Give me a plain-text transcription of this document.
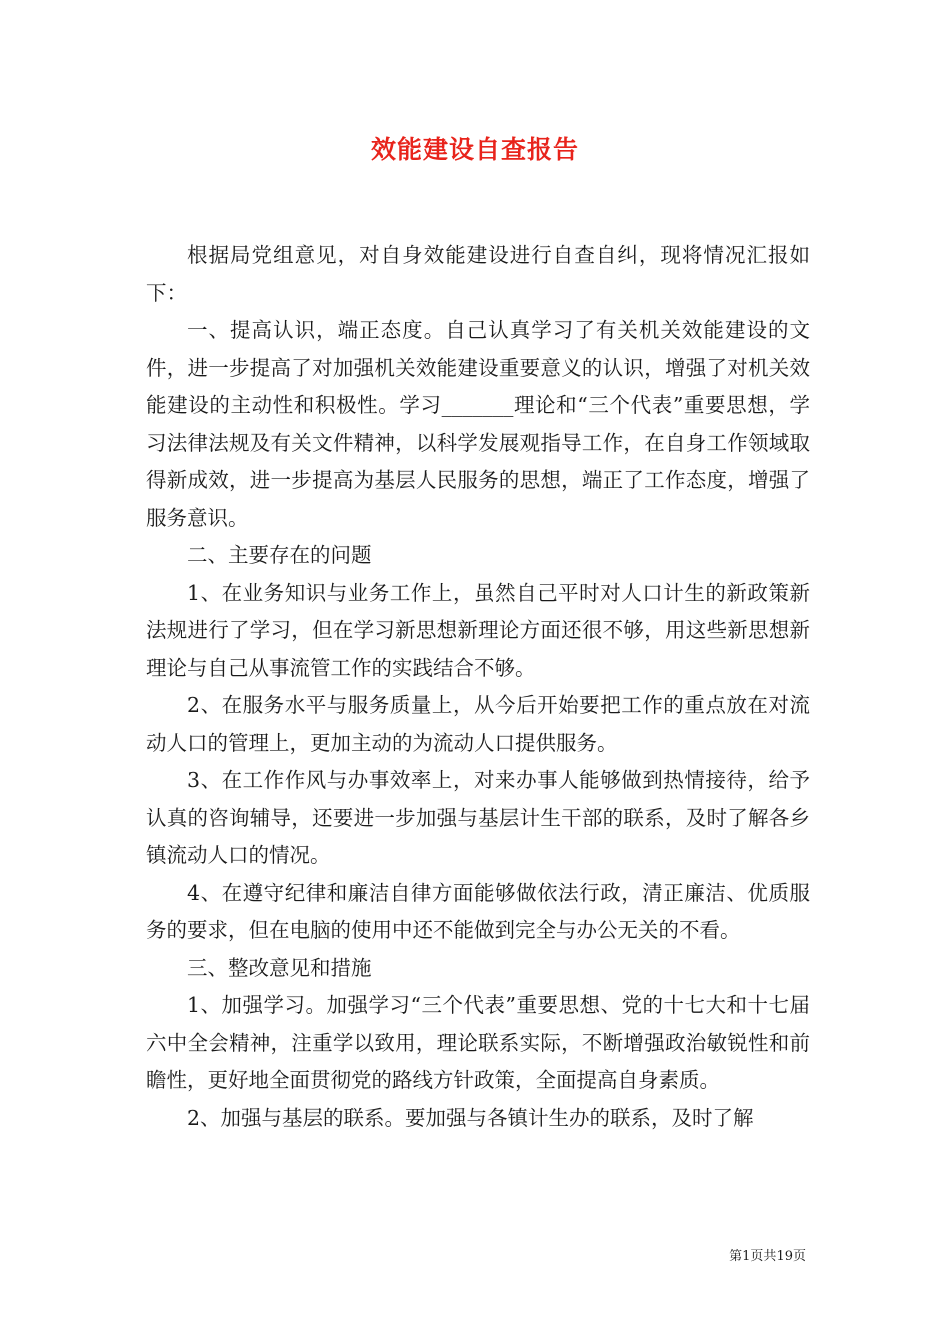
效能建设自查报告

根据局党组意见，对自身效能建设进行自查自纠，现将情况汇报如下：

一、提高认识，端正态度。自己认真学习了有关机关效能建设的文件，进一步提高了对加强机关效能建设重要意义的认识，增强了对机关效能建设的主动性和积极性。学习_______理论和“三个代表”重要思想，学习法律法规及有关文件精神，以科学发展观指导工作，在自身工作领域取得新成效，进一步提高为基层人民服务的思想，端正了工作态度，增强了服务意识。

二、主要存在的问题

1、在业务知识与业务工作上，虽然自己平时对人口计生的新政策新法规进行了学习，但在学习新思想新理论方面还很不够，用这些新思想新理论与自己从事流管工作的实践结合不够。

2、在服务水平与服务质量上，从今后开始要把工作的重点放在对流动人口的管理上，更加主动的为流动人口提供服务。

3、在工作作风与办事效率上，对来办事人能够做到热情接待，给予认真的咨询辅导，还要进一步加强与基层计生干部的联系，及时了解各乡镇流动人口的情况。

4、在遵守纪律和廉洁自律方面能够做依法行政，清正廉洁、优质服务的要求，但在电脑的使用中还不能做到完全与办公无关的不看。

三、整改意见和措施

1、加强学习。加强学习“三个代表”重要思想、党的十七大和十七届六中全会精神，注重学以致用，理论联系实际，不断增强政治敏锐性和前瞻性，更好地全面贯彻党的路线方针政策，全面提高自身素质。

2、加强与基层的联系。要加强与各镇计生办的联系，及时了解

第1页共19页
